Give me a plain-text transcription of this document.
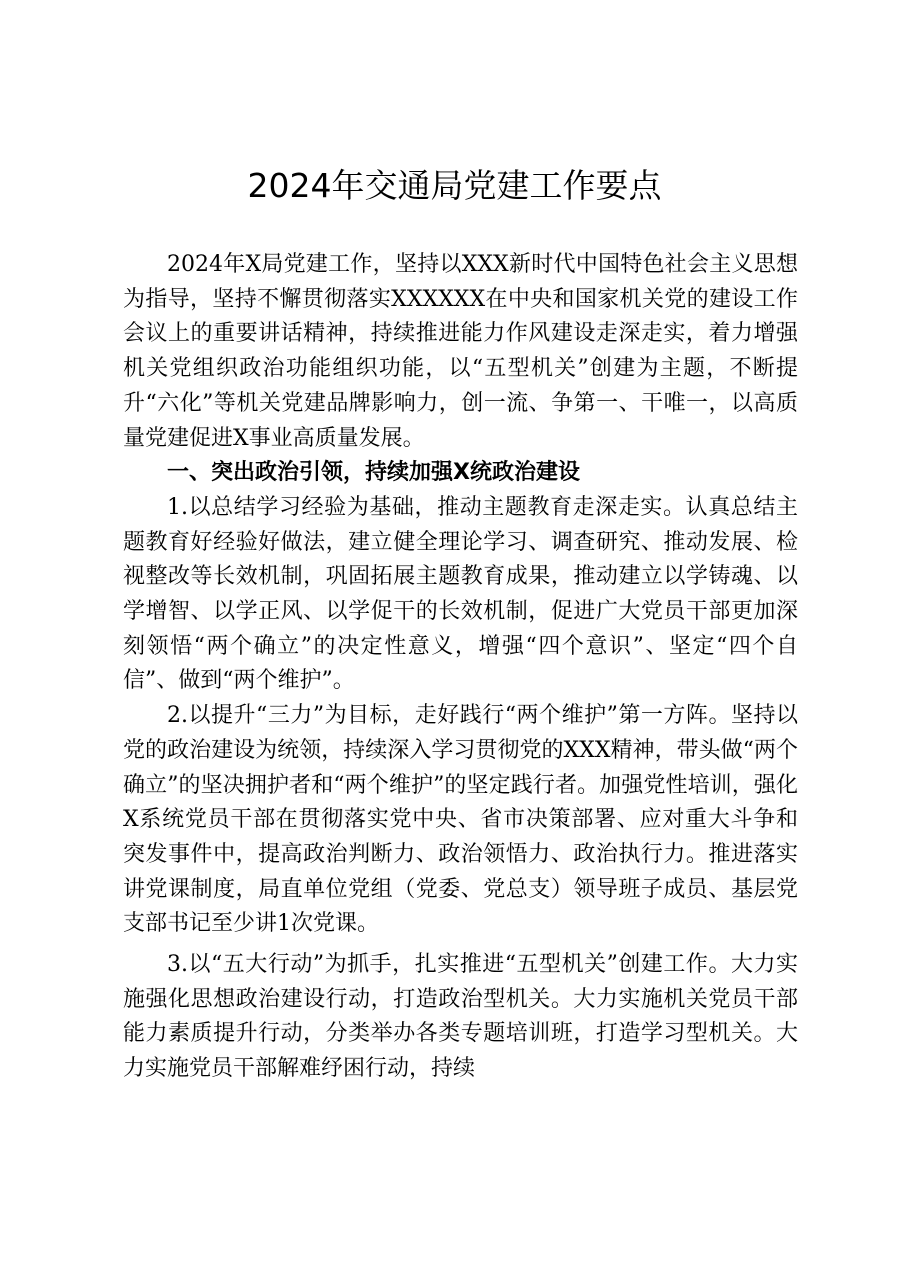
2024年交通局党建工作要点

2024年X局党建工作，坚持以XXX新时代中国特色社会主义思想为指导，坚持不懈贯彻落实XXXXXX在中央和国家机关党的建设工作会议上的重要讲话精神，持续推进能力作风建设走深走实，着力增强机关党组织政治功能组织功能，以“五型机关”创建为主题，不断提升“六化”等机关党建品牌影响力，创一流、争第一、干唯一，以高质量党建促进X事业高质量发展。

一、突出政治引领，持续加强X统政治建设

1.以总结学习经验为基础，推动主题教育走深走实。认真总结主题教育好经验好做法，建立健全理论学习、调查研究、推动发展、检视整改等长效机制，巩固拓展主题教育成果，推动建立以学铸魂、以学增智、以学正风、以学促干的长效机制，促进广大党员干部更加深刻领悟“两个确立”的决定性意义，增强“四个意识”、坚定“四个自信”、做到“两个维护”。

2.以提升“三力”为目标，走好践行“两个维护”第一方阵。坚持以党的政治建设为统领，持续深入学习贯彻党的XXX精神，带头做“两个确立”的坚决拥护者和“两个维护”的坚定践行者。加强党性培训，强化X系统党员干部在贯彻落实党中央、省市决策部署、应对重大斗争和突发事件中，提高政治判断力、政治领悟力、政治执行力。推进落实讲党课制度，局直单位党组（党委、党总支）领导班子成员、基层党支部书记至少讲1次党课。

3.以“五大行动”为抓手，扎实推进“五型机关”创建工作。大力实施强化思想政治建设行动，打造政治型机关。大力实施机关党员干部能力素质提升行动，分类举办各类专题培训班，打造学习型机关。大力实施党员干部解难纾困行动，持续
